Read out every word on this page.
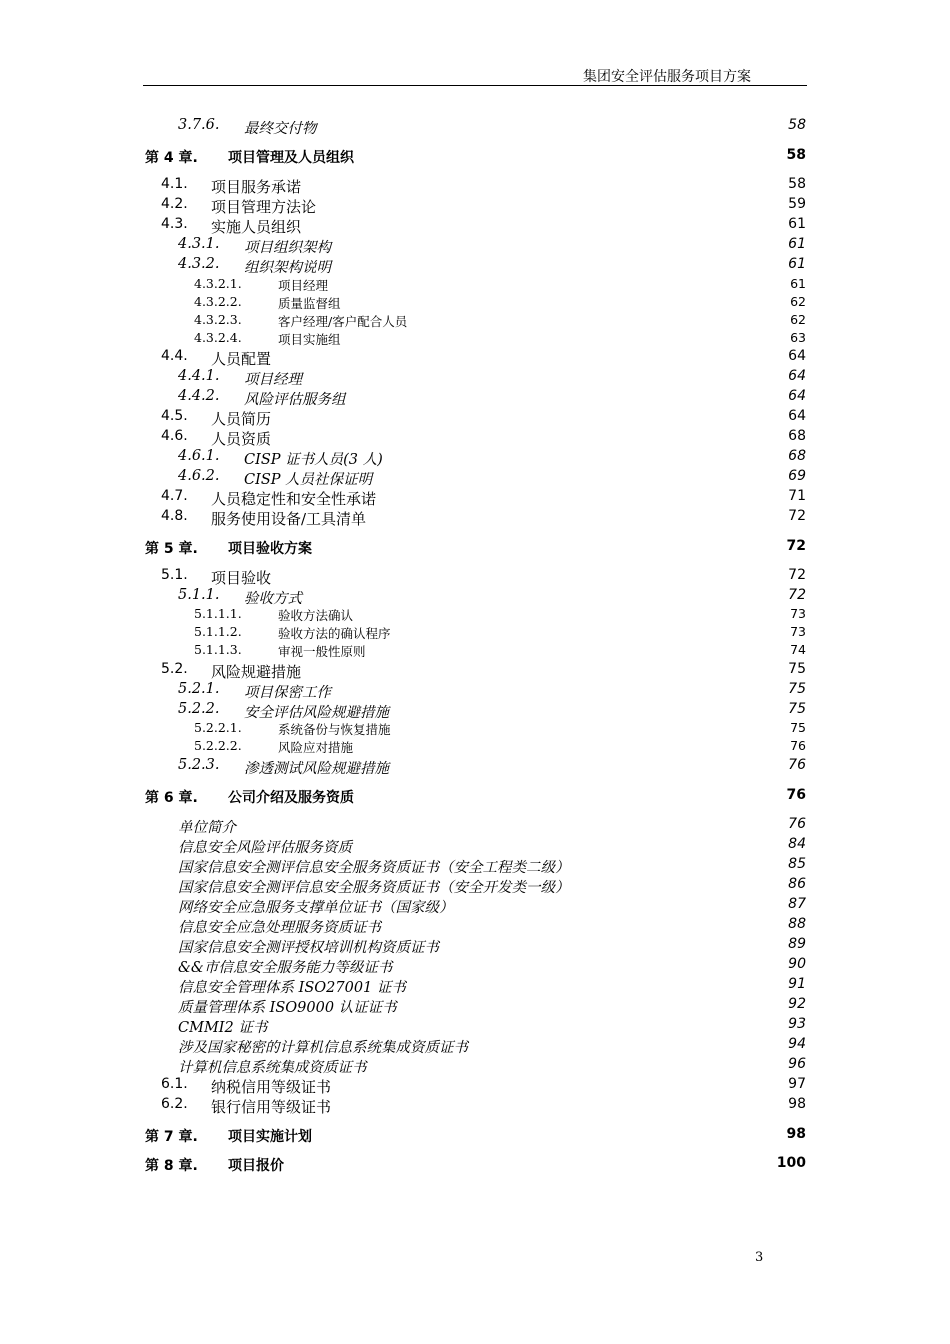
集团安全评估服务项目方案
3.7.6. 最终交付物	58
第 4 章. 项目管理及人员组织	58
4.1. 项目服务承诺	58
4.2. 项目管理方法论	59
4.3. 实施人员组织	61
4.3.1. 项目组织架构	61
4.3.2. 组织架构说明	61
4.3.2.1.	项目经理	61
4.3.2.2.	质量监督组	62
4.3.2.3.	客户经理/客户配合人员	62
4.3.2.4.	项目实施组	63
4.4. 人员配置	64
4.4.1. 项目经理	64
4.4.2. 风险评估服务组	64
4.5. 人员简历	64
4.6. 人员资质	68
4.6.1. CISP 证书人员(3 人)	68
4.6.2. CISP 人员社保证明	69
4.7. 人员稳定性和安全性承诺	71
4.8. 服务使用设备/工具清单	72
第 5 章. 项目验收方案	72
5.1. 项目验收	72
5.1.1. 验收方式	72
5.1.1.1.	验收方法确认	73
5.1.1.2.	验收方法的确认程序	73
5.1.1.3.	审视一般性原则	74
5.2. 风险规避措施	75
5.2.1. 项目保密工作	75
5.2.2. 安全评估风险规避措施	75
5.2.2.1.	系统备份与恢复措施	75
5.2.2.2.	风险应对措施	76
5.2.3. 渗透测试风险规避措施	76
第 6 章. 公司介绍及服务资质	76
单位简介	76
信息安全风险评估服务资质	84
国家信息安全测评信息安全服务资质证书（安全工程类二级）	85
国家信息安全测评信息安全服务资质证书（安全开发类一级）	86
网络安全应急服务支撑单位证书（国家级）	87
信息安全应急处理服务资质证书	88
国家信息安全测评授权培训机构资质证书	89
&&市信息安全服务能力等级证书	90
信息安全管理体系 ISO27001 证书	91
质量管理体系 ISO9000 认证证书	92
CMMI2 证书	93
涉及国家秘密的计算机信息系统集成资质证书	94
计算机信息系统集成资质证书	96
6.1. 纳税信用等级证书	97
6.2. 银行信用等级证书	98
第 7 章. 项目实施计划	98
第 8 章. 项目报价	100
3
